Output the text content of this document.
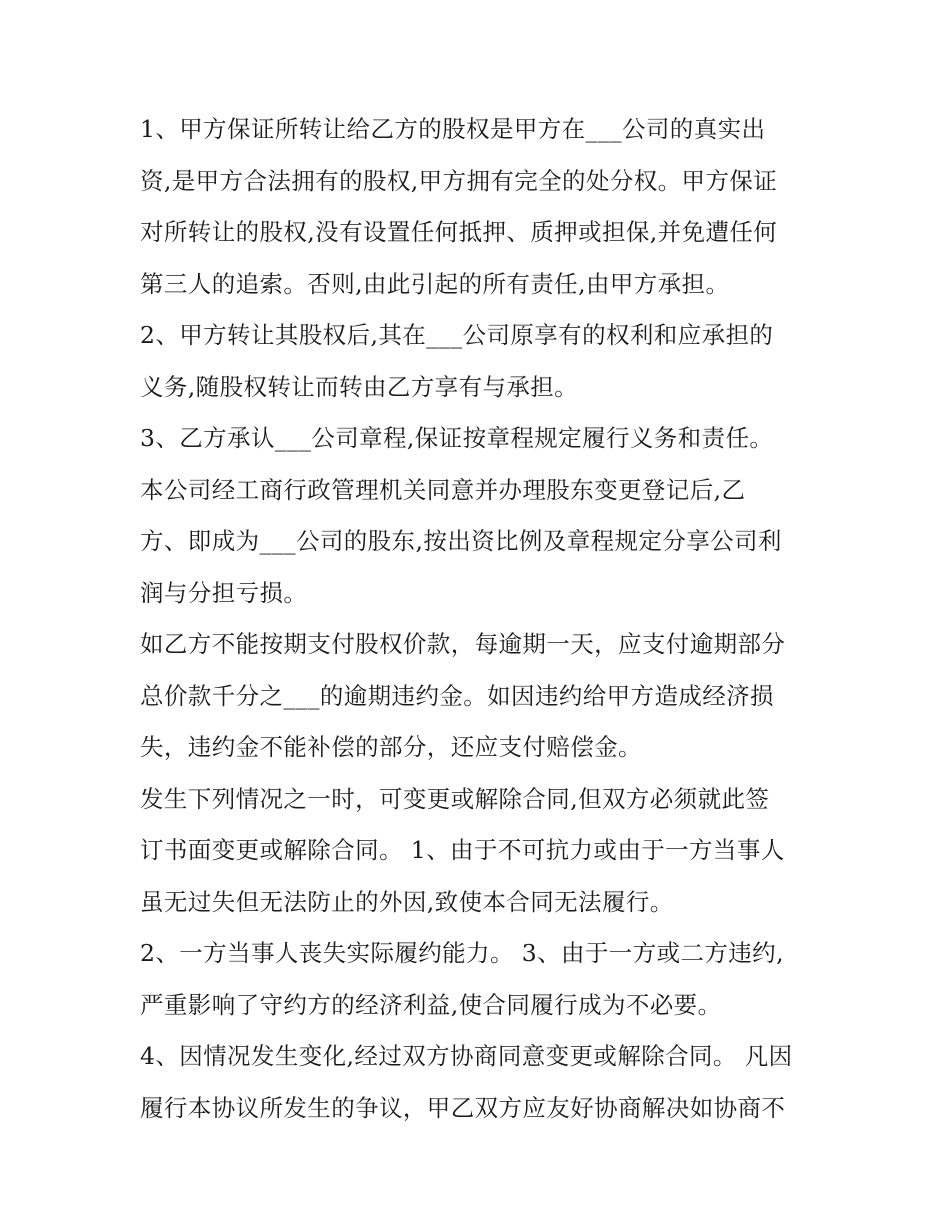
1、甲方保证所转让给乙方的股权是甲方在___公司的真实出
资,是甲方合法拥有的股权,甲方拥有完全的处分权。甲方保证
对所转让的股权,没有设置任何抵押、质押或担保,并免遭任何
第三人的追索。否则,由此引起的所有责任,由甲方承担。
2、甲方转让其股权后,其在___公司原享有的权利和应承担的
义务,随股权转让而转由乙方享有与承担。
3、乙方承认___公司章程,保证按章程规定履行义务和责任。
本公司经工商行政管理机关同意并办理股东变更登记后,乙
方、即成为___公司的股东,按出资比例及章程规定分享公司利
润与分担亏损。
如乙方不能按期支付股权价款，每逾期一天，应支付逾期部分
总价款千分之___的逾期违约金。如因违约给甲方造成经济损
失，违约金不能补偿的部分，还应支付赔偿金。
发生下列情况之一时，可变更或解除合同,但双方必须就此签
订书面变更或解除合同。 1、由于不可抗力或由于一方当事人
虽无过失但无法防止的外因,致使本合同无法履行。
2、一方当事人丧失实际履约能力。 3、由于一方或二方违约,
严重影响了守约方的经济利益,使合同履行成为不必要。
4、因情况发生变化,经过双方协商同意变更或解除合同。 凡因
履行本协议所发生的争议，甲乙双方应友好协商解决如协商不
